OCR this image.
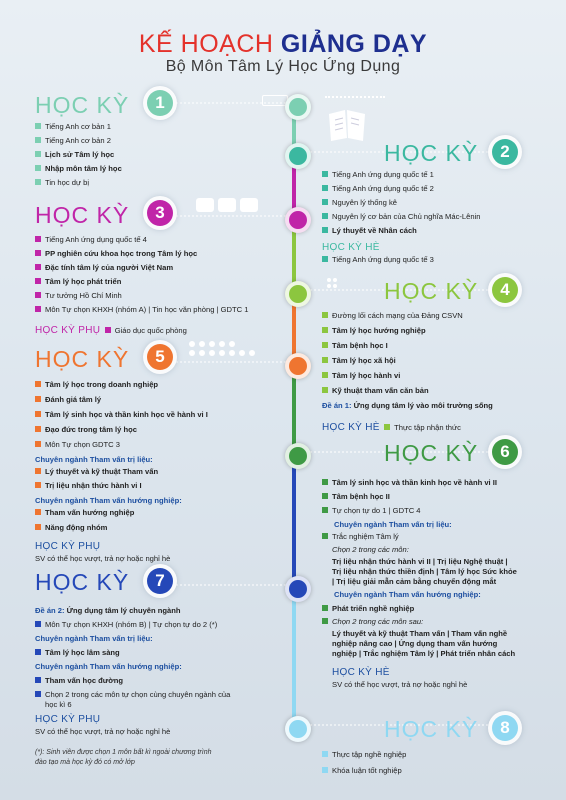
KẾ HOẠCH GIẢNG DẠY
Bộ Môn Tâm Lý Học Ứng Dụng
HỌC KỲ	1
Tiếng Anh cơ bản 1
Tiếng Anh cơ bản 2
Lịch sử Tâm lý học
Nhập môn tâm lý học
Tin học dự bị
HỌC KỲ	2
Tiếng Anh ứng dụng quốc tế 1
Tiếng Anh ứng dụng quốc tế 2
Nguyên lý thống kê
Nguyên lý cơ bản của Chủ nghĩa Mác-Lênin
Lý thuyết về Nhân cách
HỌC KỲ HÈ
Tiếng Anh ứng dụng quốc tế 3
HỌC KỲ	3
Tiếng Anh ứng dụng quốc tế 4
PP nghiên cứu khoa học trong Tâm lý học
Đặc tính tâm lý của người Việt Nam
Tâm lý học phát triển
Tư tưởng Hồ Chí Minh
Môn Tự chọn KHXH (nhóm A) | Tin học văn phòng | GDTC 1
HỌC KỲ PHỤ Giáo dục quốc phòng
HỌC KỲ	4
Đường lối cách mạng của Đảng CSVN
Tâm lý học hướng nghiệp
Tâm bệnh học I
Tâm lý học xã hội
Tâm lý học hành vi
Kỹ thuật tham vấn căn bản
Đề án 1: Ứng dụng tâm lý vào môi trường sống
HỌC KỲ HÈ Thực tập nhận thức
HỌC KỲ	5
Tâm lý học trong doanh nghiệp
Đánh giá tâm lý
Tâm lý sinh học và thần kinh học về hành vi I
Đạo đức trong tâm lý học
Môn Tự chọn GDTC 3
Chuyên ngành Tham vấn trị liệu:
Lý thuyết và kỹ thuật Tham vấn
Trị liệu nhận thức hành vi I
Chuyên ngành Tham vấn hướng nghiệp:
Tham vấn hướng nghiệp
Năng động nhóm
HỌC KỲ PHỤ
SV có thể học vượt, trả nợ hoặc nghỉ hè
HỌC KỲ	6
Tâm lý sinh học và thần kinh học về hành vi II
Tâm bệnh học II
Tự chọn tự do 1 | GDTC 4
Chuyên ngành Tham vấn trị liệu:
Trắc nghiệm Tâm lý
Chọn 2 trong các môn:
Trị liệu nhận thức hành vi II | Trị liệu Nghệ thuật |
Trị liệu nhận thức thiền định | Tâm lý học Sức khỏe
| Trị liệu giải mẫn cảm bằng chuyển động mắt
Chuyên ngành Tham vấn hướng nghiệp:
Phát triển nghề nghiệp
Chọn 2 trong các môn sau:
Lý thuyết và kỹ thuật Tham vấn | Tham vấn nghề
nghiệp nâng cao | Ứng dụng tham vấn hướng
nghiệp | Trắc nghiệm Tâm lý | Phát triển nhân cách
HỌC KỲ HÈ
SV có thể học vượt, trả nợ hoặc nghỉ hè
HỌC KỲ	7
Đề án 2: Ứng dụng tâm lý chuyên ngành
Môn Tự chọn KHXH (nhóm B) | Tự chọn tự do 2 (*)
Chuyên ngành Tham vấn trị liệu:
Tâm lý học lâm sàng
Chuyên ngành Tham vấn hướng nghiệp:
Tham vấn học đường
Chọn 2 trong các môn tự chọn cùng chuyên ngành của
học kì 6
HỌC KỲ PHỤ
SV có thể học vượt, trả nợ hoặc nghỉ hè	HỌC KỲ	8
Thực tập nghề nghiệp
Khóa luận tốt nghiệp
(*): Sinh viên được chọn 1 môn bất kì ngoài chương trình
đào tạo mà học kỳ đó có mở lớp
